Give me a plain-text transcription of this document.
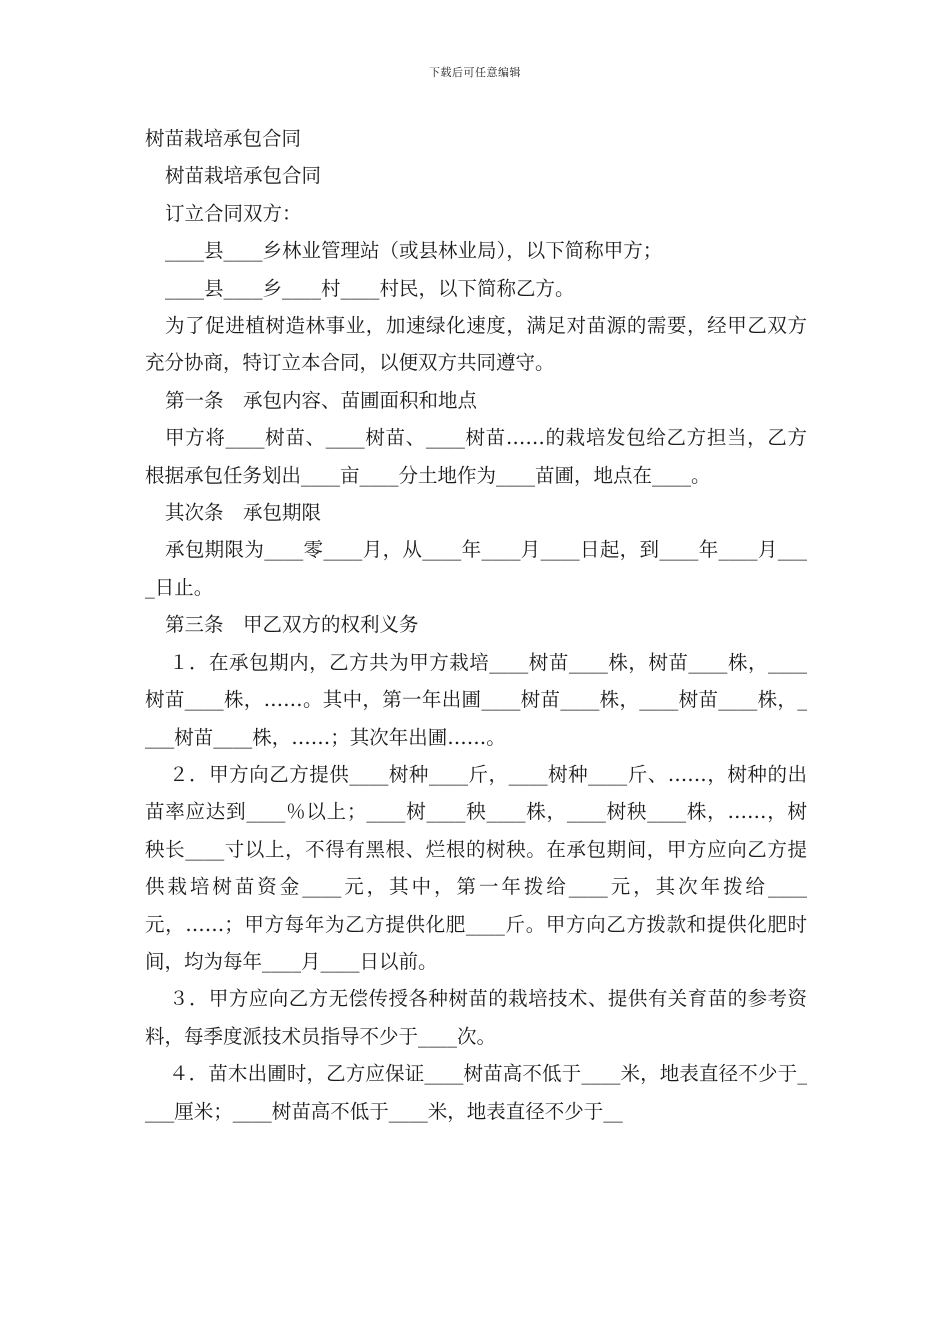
下载后可任意编辑

树苗栽培承包合同

树苗栽培承包合同

订立合同双方：

____县____乡林业管理站（或县林业局），以下简称甲方；

____县____乡____村____村民，以下简称乙方。

为了促进植树造林事业，加速绿化速度，满足对苗源的需要，经甲乙双方充分协商，特订立本合同，以便双方共同遵守。

第一条　承包内容、苗圃面积和地点

甲方将____树苗、____树苗、____树苗……的栽培发包给乙方担当，乙方根据承包任务划出____亩____分土地作为____苗圃，地点在____。

其次条　承包期限

承包期限为____零____月，从____年____月____日起，到____年____月____日止。

第三条　甲乙双方的权利义务

１．在承包期内，乙方共为甲方栽培____树苗____株，树苗____株，____树苗____株，……。其中，第一年出圃____树苗____株，____树苗____株，____树苗____株，……；其次年出圃……。

２．甲方向乙方提供____树种____斤，____树种____斤、……，树种的出苗率应达到____％以上；____树____秧____株，____树秧____株，……，树秧长____寸以上，不得有黑根、烂根的树秧。在承包期间，甲方应向乙方提供栽培树苗资金____元，其中，第一年拨给____元，其次年拨给____元，……；甲方每年为乙方提供化肥____斤。甲方向乙方拨款和提供化肥时间，均为每年____月____日以前。

３．甲方应向乙方无偿传授各种树苗的栽培技术、提供有关育苗的参考资料，每季度派技术员指导不少于____次。

４．苗木出圃时，乙方应保证____树苗高不低于____米，地表直径不少于____厘米；____树苗高不低于____米，地表直径不少于__
